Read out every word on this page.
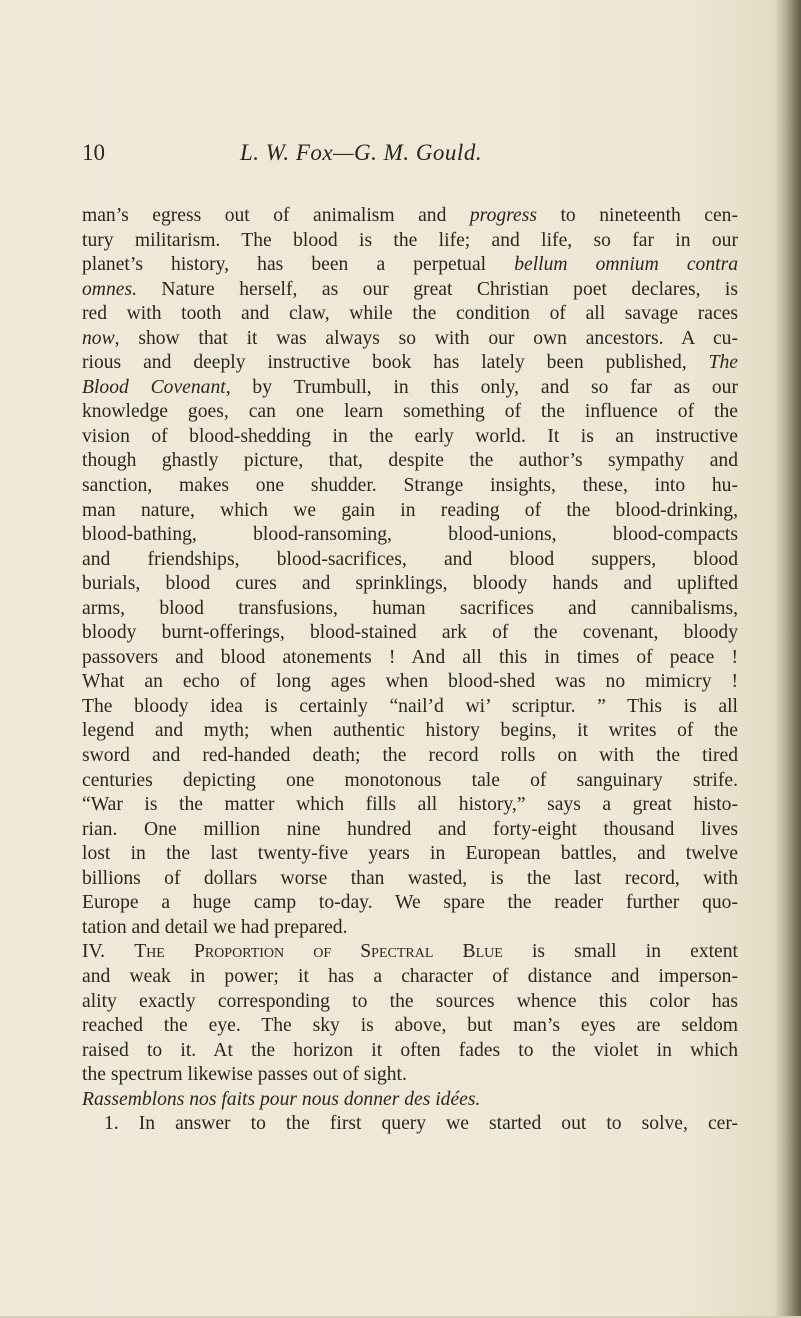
10	L. W. Fox—G. M. Gould.
man’s egress out of animalism and progress to nineteenth cen-
tury militarism. The blood is the life; and life, so far in our
planet’s history, has been a perpetual bellum omnium contra
omnes. Nature herself, as our great Christian poet declares, is
red with tooth and claw, while the condition of all savage races
now, show that it was always so with our own ancestors. A cu-
rious and deeply instructive book has lately been published, The
Blood Covenant, by Trumbull, in this only, and so far as our
knowledge goes, can one learn something of the influence of the
vision of blood-shedding in the early world. It is an instructive
though ghastly picture, that, despite the author’s sympathy and
sanction, makes one shudder. Strange insights, these, into hu-
man nature, which we gain in reading of the blood-drinking,
blood-bathing, blood-ransoming, blood-unions, blood-compacts
and friendships, blood-sacrifices, and blood suppers, blood
burials, blood cures and sprinklings, bloody hands and uplifted
arms, blood transfusions, human sacrifices and cannibalisms,
bloody burnt-offerings, blood-stained ark of the covenant, bloody
passovers and blood atonements ! And all this in times of peace !
What an echo of long ages when blood-shed was no mimicry !
The bloody idea is certainly “nail’d wi’ scriptur. ” This is all
legend and myth; when authentic history begins, it writes of the
sword and red-handed death; the record rolls on with the tired
centuries depicting one monotonous tale of sanguinary strife.
“War is the matter which fills all history,” says a great histo-
rian. One million nine hundred and forty-eight thousand lives
lost in the last twenty-five years in European battles, and twelve
billions of dollars worse than wasted, is the last record, with
Europe a huge camp to-day. We spare the reader further quo-
tation and detail we had prepared.
IV. The Proportion of Spectral Blue is small in extent
and weak in power; it has a character of distance and imperson-
ality exactly corresponding to the sources whence this color has
reached the eye. The sky is above, but man’s eyes are seldom
raised to it. At the horizon it often fades to the violet in which
the spectrum likewise passes out of sight.
Rassemblons nos faits pour nous donner des idées.
1. In answer to the first query we started out to solve, cer-
